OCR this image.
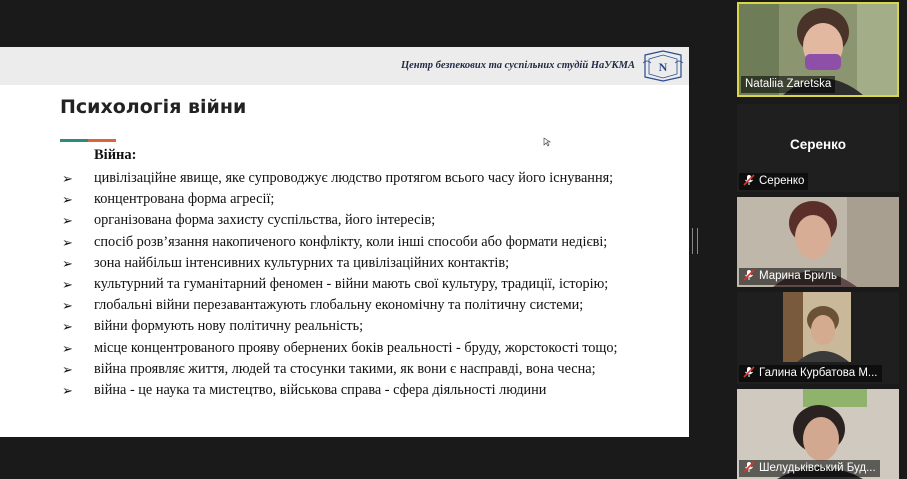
Центр безпекових та суспільних студій НаУКМА N
Психологія війни
Війна:
➢ цивілізаційне явище, яке супроводжує людство протягом всього часу його існування;
➢ концентрована форма агресії;
➢ організована форма захисту суспільства, його інтересів;
➢ спосіб розв’язання накопиченого конфлікту, коли інші способи або формати недієві;
➢ зона найбільш інтенсивних культурних та цивілізаційних контактів;
➢ культурний та гуманітарний феномен - війни мають свої культуру, традиції, історію;
➢ глобальні війни перезавантажують глобальну економічну та політичну системи;
➢ війни формують нову політичну реальність;
➢ місце концентрованого прояву обернених боків реальності - бруду, жорстокості тощо;
➢ війна проявляє життя, людей та стосунки такими, як вони є насправді, вона чесна;
➢ війна - це наука та мистецтво, військова справа - сфера діяльності людини
Nataliia Zaretska
Серенко
Серенко
Марина Бриль
Галина Курбатова М...
Шелудьківський Буд...
